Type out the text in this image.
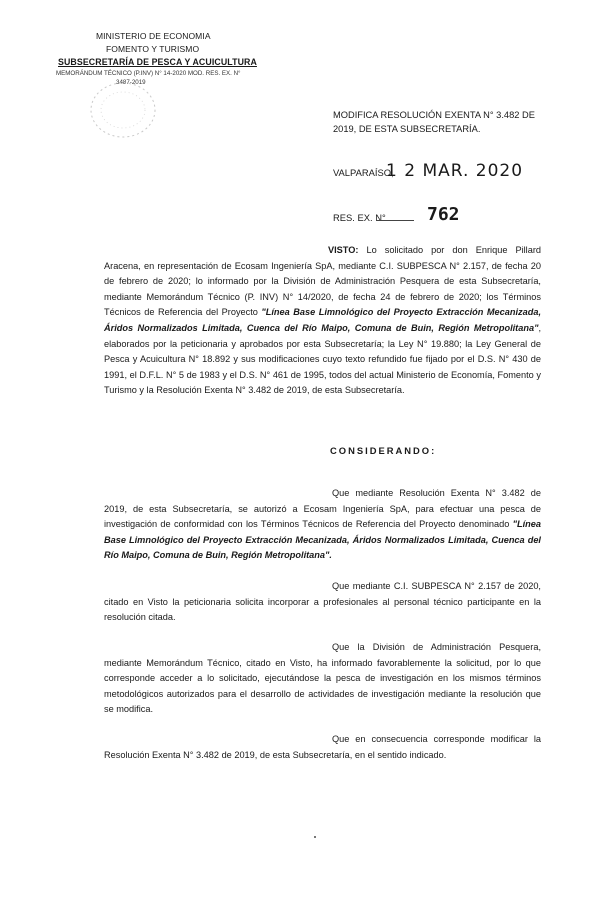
MINISTERIO DE ECONOMIA
FOMENTO Y TURISMO
SUBSECRETARÍA DE PESCA Y ACUICULTURA
MEMORÁNDUM TÉCNICO (P.INV) N° 14-2020 MOD. RES. EX. N°
3487-2019
MODIFICA RESOLUCIÓN EXENTA N° 3.482 DE
2019, DE ESTA SUBSECRETARÍA.
VALPARAÍSO,
1 2 MAR. 2020
RES. EX. N° 762
VISTO: Lo solicitado por don Enrique Pillard Aracena, en representación de Ecosam Ingeniería SpA, mediante C.I. SUBPESCA N° 2.157, de fecha 20 de febrero de 2020; lo informado por la División de Administración Pesquera de esta Subsecretaría, mediante Memorándum Técnico (P. INV) N° 14/2020, de fecha 24 de febrero de 2020; los Términos Técnicos de Referencia del Proyecto "Línea Base Limnológico del Proyecto Extracción Mecanizada, Áridos Normalizados Limitada, Cuenca del Río Maipo, Comuna de Buin, Región Metropolitana", elaborados por la peticionaria y aprobados por esta Subsecretaría; la Ley N° 19.880; la Ley General de Pesca y Acuicultura N° 18.892 y sus modificaciones cuyo texto refundido fue fijado por el D.S. N° 430 de 1991, el D.F.L. N° 5 de 1983 y el D.S. N° 461 de 1995, todos del actual Ministerio de Economía, Fomento y Turismo y la Resolución Exenta N° 3.482 de 2019, de esta Subsecretaría.
CONSIDERANDO:
Que mediante Resolución Exenta N° 3.482 de 2019, de esta Subsecretaría, se autorizó a Ecosam Ingeniería SpA, para efectuar una pesca de investigación de conformidad con los Términos Técnicos de Referencia del Proyecto denominado "Línea Base Limnológico del Proyecto Extracción Mecanizada, Áridos Normalizados Limitada, Cuenca del Río Maipo, Comuna de Buin, Región Metropolitana".
Que mediante C.I. SUBPESCA N° 2.157 de 2020, citado en Visto la peticionaria solicita incorporar a profesionales al personal técnico participante en la resolución citada.
Que la División de Administración Pesquera, mediante Memorándum Técnico, citado en Visto, ha informado favorablemente la solicitud, por lo que corresponde acceder a lo solicitado, ejecutándose la pesca de investigación en los mismos términos metodológicos autorizados para el desarrollo de actividades de investigación mediante la resolución que se modifica.
Que en consecuencia corresponde modificar la Resolución Exenta N° 3.482 de 2019, de esta Subsecretaría, en el sentido indicado.
